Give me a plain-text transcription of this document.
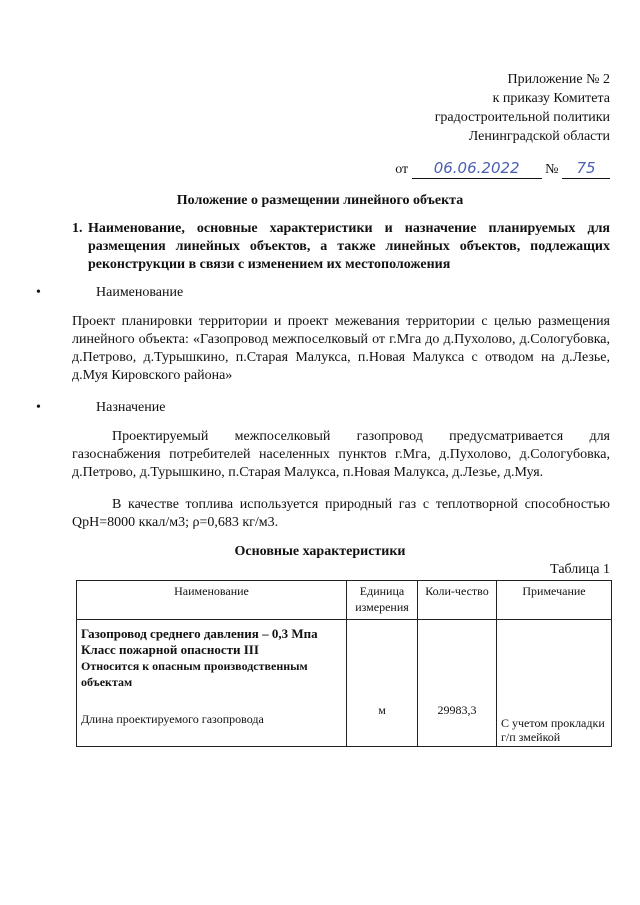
Приложение № 2
к приказу Комитета
градостроительной политики
Ленинградской области
от 06.06.2022 № 75
Положение о размещении линейного объекта
1. Наименование, основные характеристики и назначение планируемых для размещения линейных объектов, а также линейных объектов, подлежащих реконструкции в связи с изменением их местоположения
•	Наименование
Проект планировки территории и проект межевания территории с целью размещения линейного объекта: «Газопровод межпоселковый от г.Мга до д.Пухолово, д.Сологубовка, д.Петрово, д.Турышкино, п.Старая Малукса, п.Новая Малукса с отводом на д.Лезье, д.Муя Кировского района»
•	Назначение
Проектируемый межпоселковый газопровод предусматривается для газоснабжения потребителей населенных пунктов г.Мга, д.Пухолово, д.Сологубовка, д.Петрово, д.Турышкино, п.Старая Малукса, п.Новая Малукса, д.Лезье, д.Муя.
В качестве топлива используется природный газ с теплотворной способностью QрН=8000 ккал/м3; ρ=0,683 кг/м3.
Основные характеристики
Таблица 1
Наименование	Единица измерения	Коли-чество	Примечание

Газопровод среднего давления – 0,3 Мпа
Класс пожарной опасности III
Относится к опасным производственным объектам
Длина проектируемого газопровода	м	29983,3	С учетом прокладки г/п змейкой
